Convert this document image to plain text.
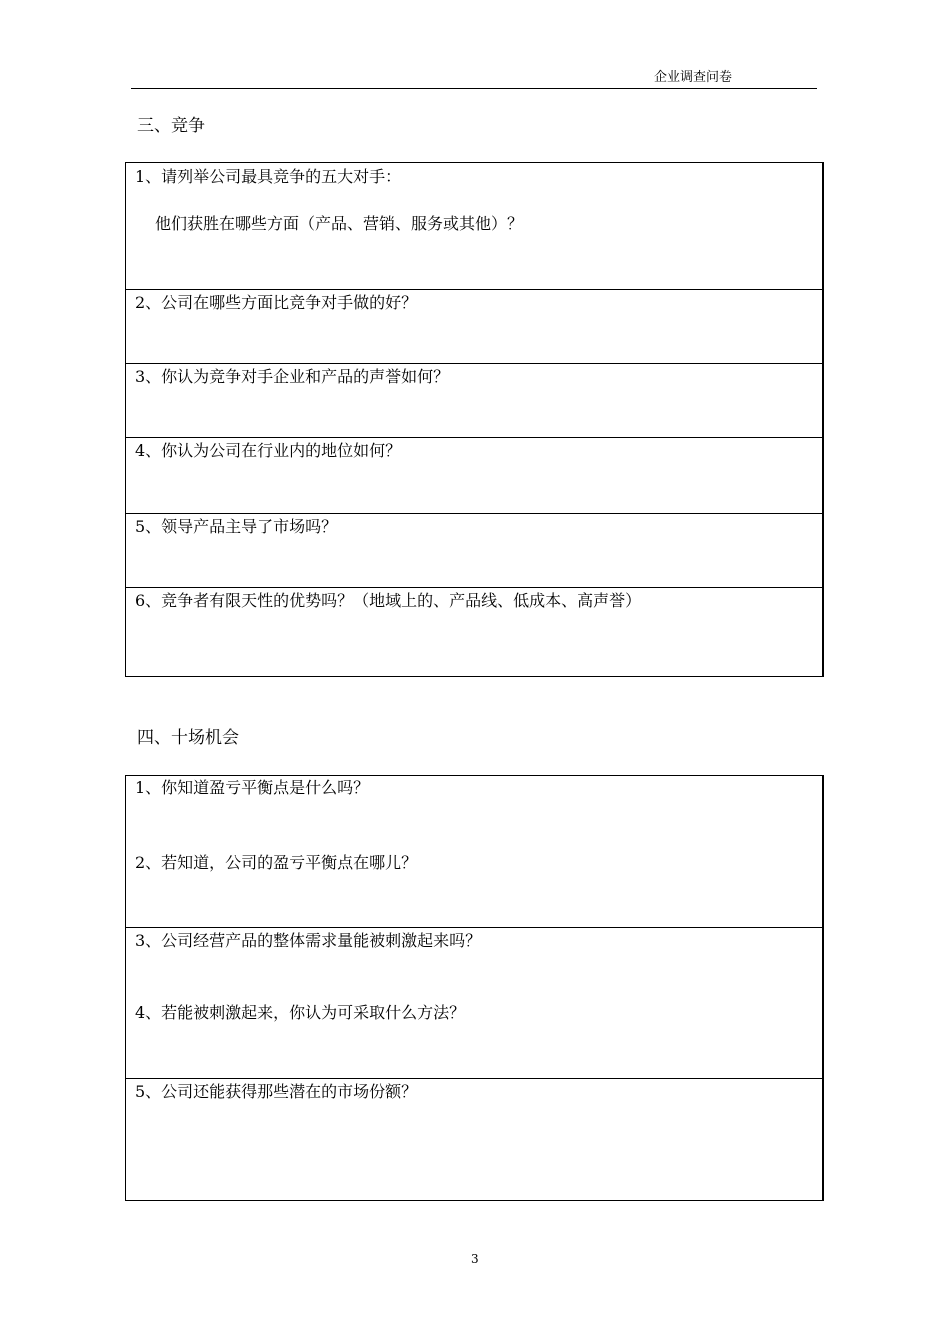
企业调查问卷
三、竞争
1、请列举公司最具竞争的五大对手：
他们获胜在哪些方面（产品、营销、服务或其他）？
2、公司在哪些方面比竞争对手做的好？
3、你认为竞争对手企业和产品的声誉如何？
4、你认为公司在行业内的地位如何？
5、领导产品主导了市场吗？
6、竞争者有限天性的优势吗？（地域上的、产品线、低成本、高声誉）
四、十场机会
1、你知道盈亏平衡点是什么吗？
2、若知道，公司的盈亏平衡点在哪儿？
3、公司经营产品的整体需求量能被刺激起来吗？
4、若能被刺激起来，你认为可采取什么方法？
5、公司还能获得那些潜在的市场份额？
3
